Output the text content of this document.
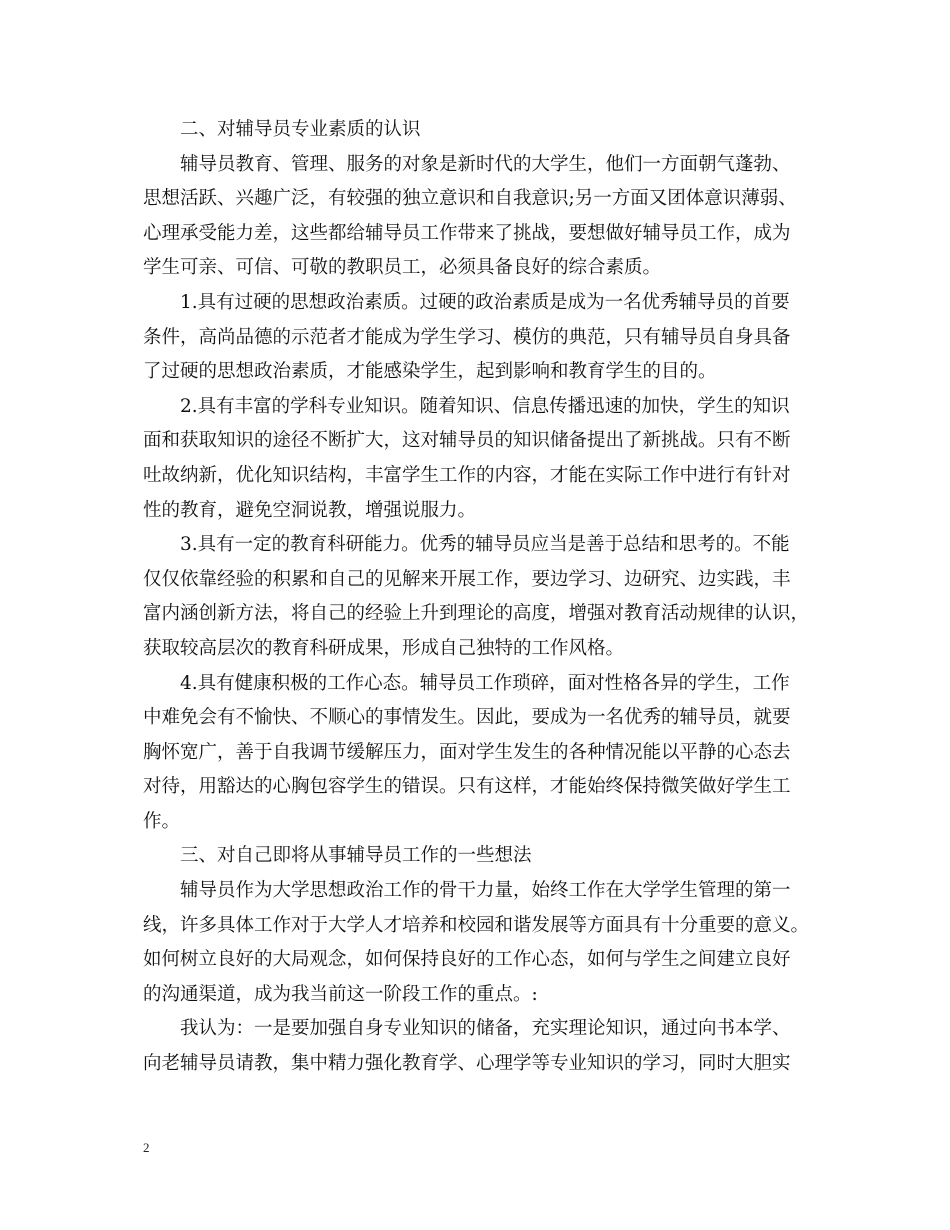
二、对辅导员专业素质的认识
辅导员教育、管理、服务的对象是新时代的大学生，他们一方面朝气蓬勃、
思想活跃、兴趣广泛，有较强的独立意识和自我意识;另一方面又团体意识薄弱、
心理承受能力差，这些都给辅导员工作带来了挑战，要想做好辅导员工作，成为
学生可亲、可信、可敬的教职员工，必须具备良好的综合素质。
1.具有过硬的思想政治素质。过硬的政治素质是成为一名优秀辅导员的首要
条件，高尚品德的示范者才能成为学生学习、模仿的典范，只有辅导员自身具备
了过硬的思想政治素质，才能感染学生，起到影响和教育学生的目的。
2.具有丰富的学科专业知识。随着知识、信息传播迅速的加快，学生的知识
面和获取知识的途径不断扩大，这对辅导员的知识储备提出了新挑战。只有不断
吐故纳新，优化知识结构，丰富学生工作的内容，才能在实际工作中进行有针对
性的教育，避免空洞说教，增强说服力。
3.具有一定的教育科研能力。优秀的辅导员应当是善于总结和思考的。不能
仅仅依靠经验的积累和自己的见解来开展工作，要边学习、边研究、边实践，丰
富内涵创新方法，将自己的经验上升到理论的高度，增强对教育活动规律的认识，
获取较高层次的教育科研成果，形成自己独特的工作风格。
4.具有健康积极的工作心态。辅导员工作琐碎，面对性格各异的学生，工作
中难免会有不愉快、不顺心的事情发生。因此，要成为一名优秀的辅导员，就要
胸怀宽广，善于自我调节缓解压力，面对学生发生的各种情况能以平静的心态去
对待，用豁达的心胸包容学生的错误。只有这样，才能始终保持微笑做好学生工
作。
三、对自己即将从事辅导员工作的一些想法
辅导员作为大学思想政治工作的骨干力量，始终工作在大学学生管理的第一
线，许多具体工作对于大学人才培养和校园和谐发展等方面具有十分重要的意义。
如何树立良好的大局观念，如何保持良好的工作心态，如何与学生之间建立良好
的沟通渠道，成为我当前这一阶段工作的重点。:
我认为：一是要加强自身专业知识的储备，充实理论知识，通过向书本学、
向老辅导员请教，集中精力强化教育学、心理学等专业知识的学习，同时大胆实
2
